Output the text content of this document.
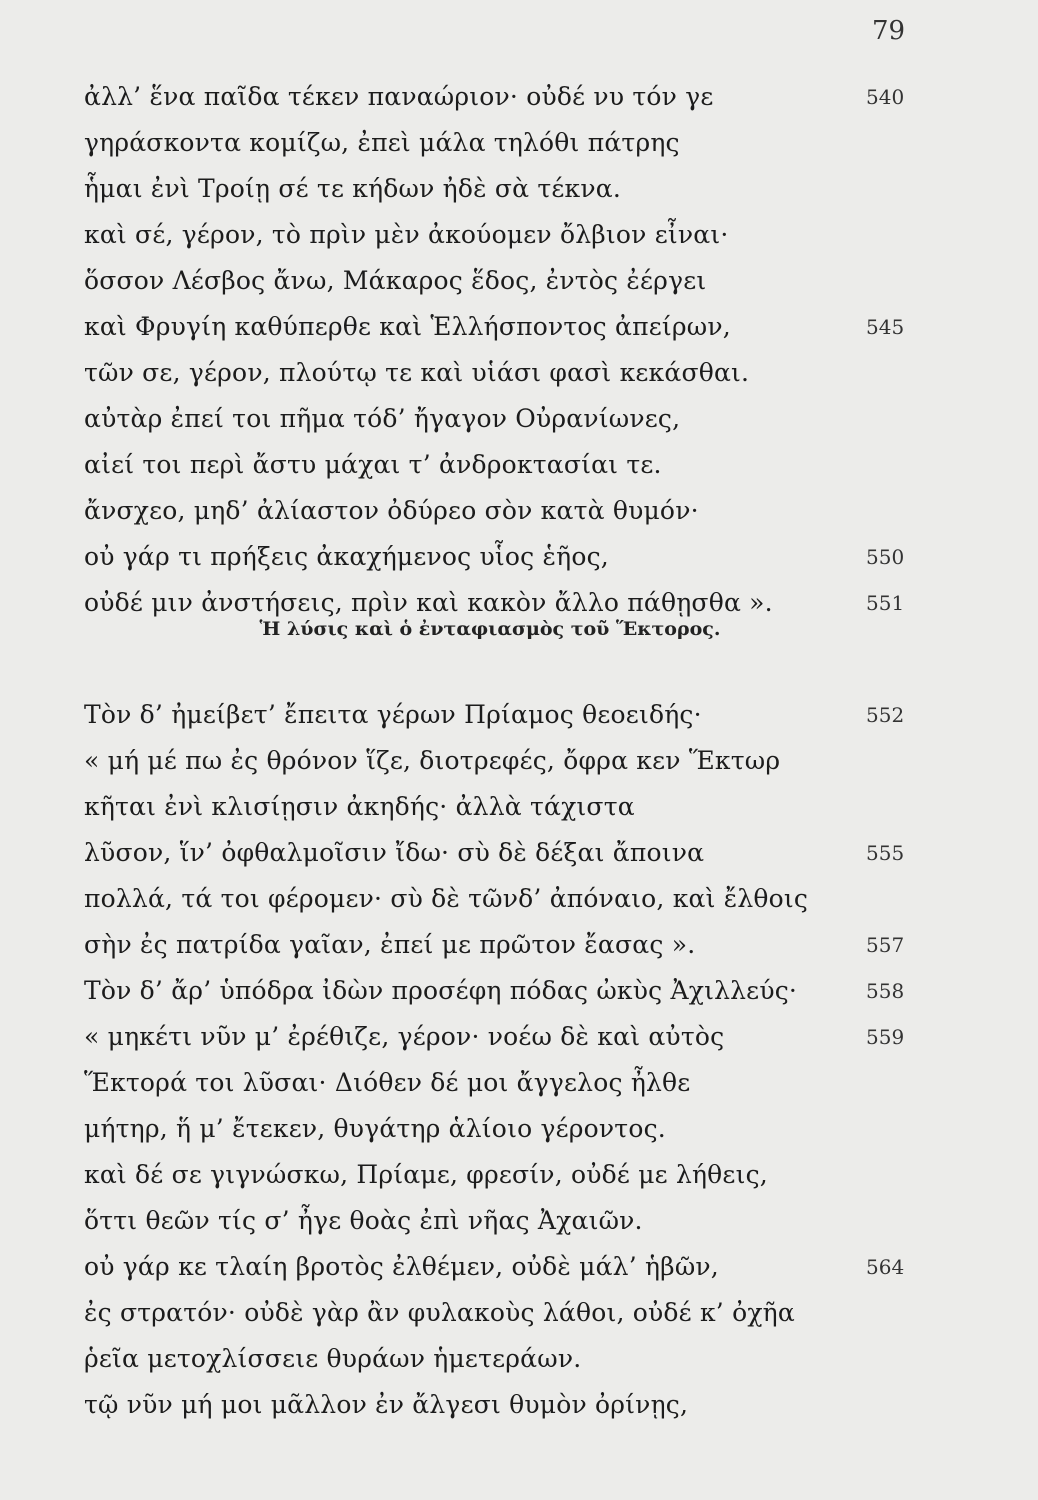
79
ἀλλ’ ἕνα παῖδα τέκεν παναώριον· οὐδέ νυ τόν γε	540
γηράσκοντα κομίζω, ἐπεὶ μάλα τηλόθι πάτρης
ἧμαι ἐνὶ Τροίῃ σέ τε κήδων ἠδὲ σὰ τέκνα.
καὶ σέ, γέρον, τὸ πρὶν μὲν ἀκούομεν ὄλβιον εἶναι·
ὅσσον Λέσβος ἄνω, Μάκαρος ἕδος, ἐντὸς ἐέργει
καὶ Φρυγίη καθύπερθε καὶ Ἑλλήσποντος ἀπείρων,	545
τῶν σε, γέρον, πλούτῳ τε καὶ υἱάσι φασὶ κεκάσθαι.
αὐτὰρ ἐπεί τοι πῆμα τόδ’ ἤγαγον Οὐρανίωνες,
αἰεί τοι περὶ ἄστυ μάχαι τ’ ἀνδροκτασίαι τε.
ἄνσχεο, μηδ’ ἀλίαστον ὀδύρεο σὸν κατὰ θυμόν·
οὐ γάρ τι πρήξεις ἀκαχήμενος υἷος ἑῆος,	550
οὐδέ μιν ἀνστήσεις, πρὶν καὶ κακὸν ἄλλο πάθῃσθα ».	551
Ἡ λύσις καὶ ὁ ἐνταφιασμὸς τοῦ Ἕκτορος.
Τὸν δ’ ἠμείβετ’ ἔπειτα γέρων Πρίαμος θεοειδής·	552
« μή μέ πω ἐς θρόνον ἵζε, διοτρεφές, ὄφρα κεν Ἕκτωρ
κῆται ἐνὶ κλισίῃσιν ἀκηδής· ἀλλὰ τάχιστα
λῦσον, ἵν’ ὀφθαλμοῖσιν ἴδω· σὺ δὲ δέξαι ἄποινα	555
πολλά, τά τοι φέρομεν· σὺ δὲ τῶνδ’ ἀπόναιο, καὶ ἔλθοις
σὴν ἐς πατρίδα γαῖαν, ἐπεί με πρῶτον ἔασας ».	557
Τὸν δ’ ἄρ’ ὑπόδρα ἰδὼν προσέφη πόδας ὠκὺς Ἀχιλλεύς·	558
« μηκέτι νῦν μ’ ἐρέθιζε, γέρον· νοέω δὲ καὶ αὐτὸς	559
Ἕκτορά τοι λῦσαι· Διόθεν δέ μοι ἄγγελος ἦλθε
μήτηρ, ἥ μ’ ἔτεκεν, θυγάτηρ ἁλίοιο γέροντος.
καὶ δέ σε γιγνώσκω, Πρίαμε, φρεσίν, οὐδέ με λήθεις,
ὅττι θεῶν τίς σ’ ἦγε θοὰς ἐπὶ νῆας Ἀχαιῶν.
οὐ γάρ κε τλαίη βροτὸς ἐλθέμεν, οὐδὲ μάλ’ ἡβῶν,	564
ἐς στρατόν· οὐδὲ γὰρ ἂν φυλακοὺς λάθοι, οὐδέ κ’ ὀχῆα
ῥεῖα μετοχλίσσειε θυράων ἡμετεράων.
τῷ νῦν μή μοι μᾶλλον ἐν ἄλγεσι θυμὸν ὀρίνῃς,
